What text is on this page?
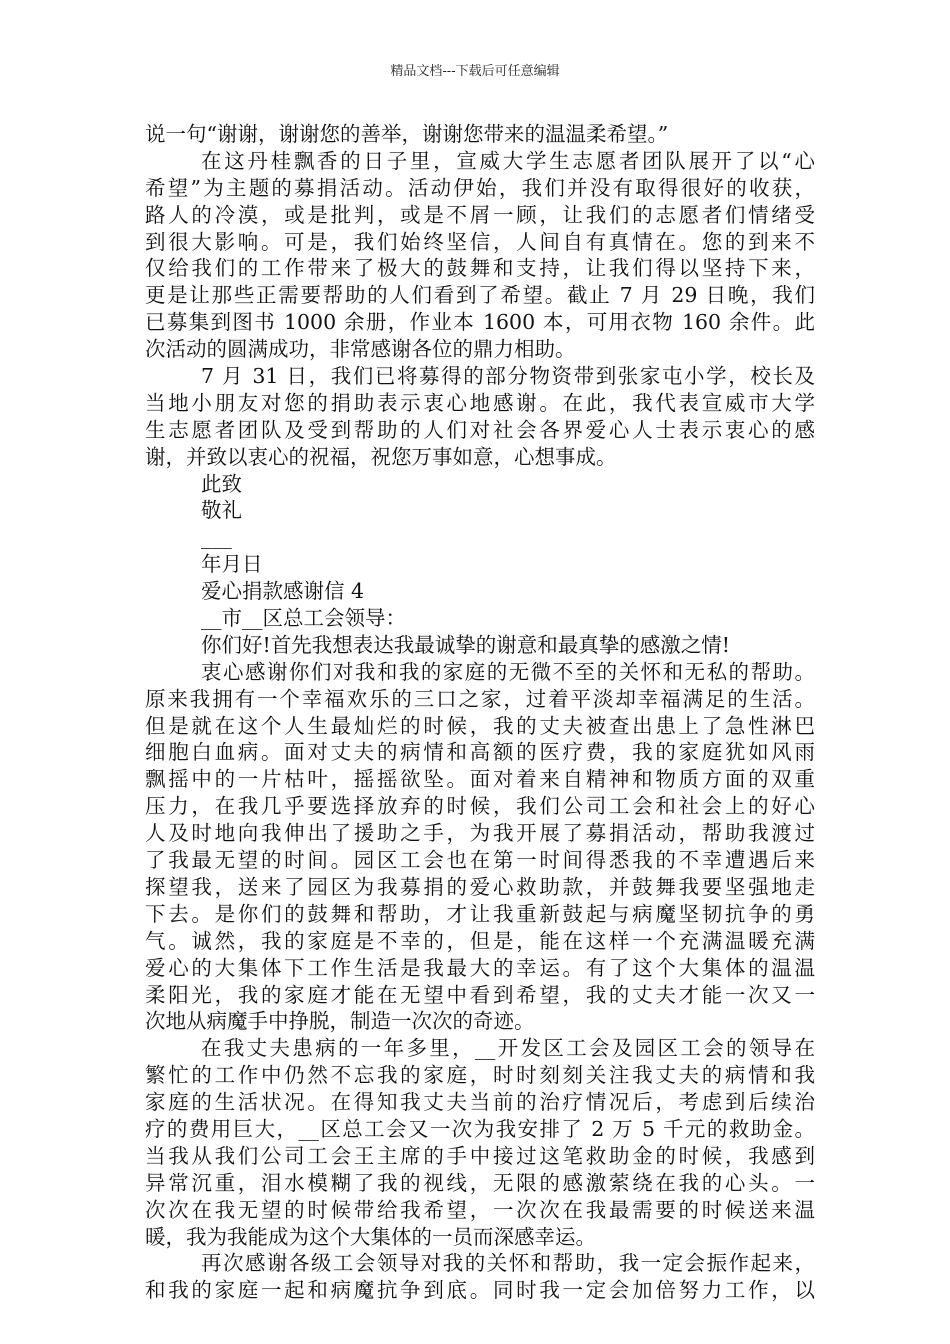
精品文档---下载后可任意编辑
说一句“谢谢，谢谢您的善举，谢谢您带来的温温柔希望。”
在这丹桂飘香的日子里，宣威大学生志愿者团队展开了以“心
希望”为主题的募捐活动。活动伊始，我们并没有取得很好的收获，
路人的冷漠，或是批判，或是不屑一顾，让我们的志愿者们情绪受
到很大影响。可是，我们始终坚信，人间自有真情在。您的到来不
仅给我们的工作带来了极大的鼓舞和支持，让我们得以坚持下来，
更是让那些正需要帮助的人们看到了希望。截止 7 月 29 日晚，我们
已募集到图书 1000 余册，作业本 1600 本，可用衣物 160 余件。此
次活动的圆满成功，非常感谢各位的鼎力相助。
7 月 31 日，我们已将募得的部分物资带到张家屯小学，校长及
当地小朋友对您的捐助表示衷心地感谢。在此，我代表宣威市大学
生志愿者团队及受到帮助的人们对社会各界爱心人士表示衷心的感
谢，并致以衷心的祝福，祝您万事如意，心想事成。
此致
敬礼
___
年月日
爱心捐款感谢信 4
__市__区总工会领导：
你们好!首先我想表达我最诚挚的谢意和最真挚的感激之情!
衷心感谢你们对我和我的家庭的无微不至的关怀和无私的帮助。
原来我拥有一个幸福欢乐的三口之家，过着平淡却幸福满足的生活。
但是就在这个人生最灿烂的时候，我的丈夫被查出患上了急性淋巴
细胞白血病。面对丈夫的病情和高额的医疗费，我的家庭犹如风雨
飘摇中的一片枯叶，摇摇欲坠。面对着来自精神和物质方面的双重
压力，在我几乎要选择放弃的时候，我们公司工会和社会上的好心
人及时地向我伸出了援助之手，为我开展了募捐活动，帮助我渡过
了我最无望的时间。园区工会也在第一时间得悉我的不幸遭遇后来
探望我，送来了园区为我募捐的爱心救助款，并鼓舞我要坚强地走
下去。是你们的鼓舞和帮助，才让我重新鼓起与病魔坚韧抗争的勇
气。诚然，我的家庭是不幸的，但是，能在这样一个充满温暖充满
爱心的大集体下工作生活是我最大的幸运。有了这个大集体的温温
柔阳光，我的家庭才能在无望中看到希望，我的丈夫才能一次又一
次地从病魔手中挣脱，制造一次次的奇迹。
在我丈夫患病的一年多里，__开发区工会及园区工会的领导在
繁忙的工作中仍然不忘我的家庭，时时刻刻关注我丈夫的病情和我
家庭的生活状况。在得知我丈夫当前的治疗情况后，考虑到后续治
疗的费用巨大，__区总工会又一次为我安排了 2 万 5 千元的救助金。
当我从我们公司工会王主席的手中接过这笔救助金的时候，我感到
异常沉重，泪水模糊了我的视线，无限的感激萦绕在我的心头。一
次次在我无望的时候带给我希望，一次次在我最需要的时候送来温
暖，我为我能成为这个大集体的一员而深感幸运。
再次感谢各级工会领导对我的关怀和帮助，我一定会振作起来，
和我的家庭一起和病魔抗争到底。同时我一定会加倍努力工作，以
